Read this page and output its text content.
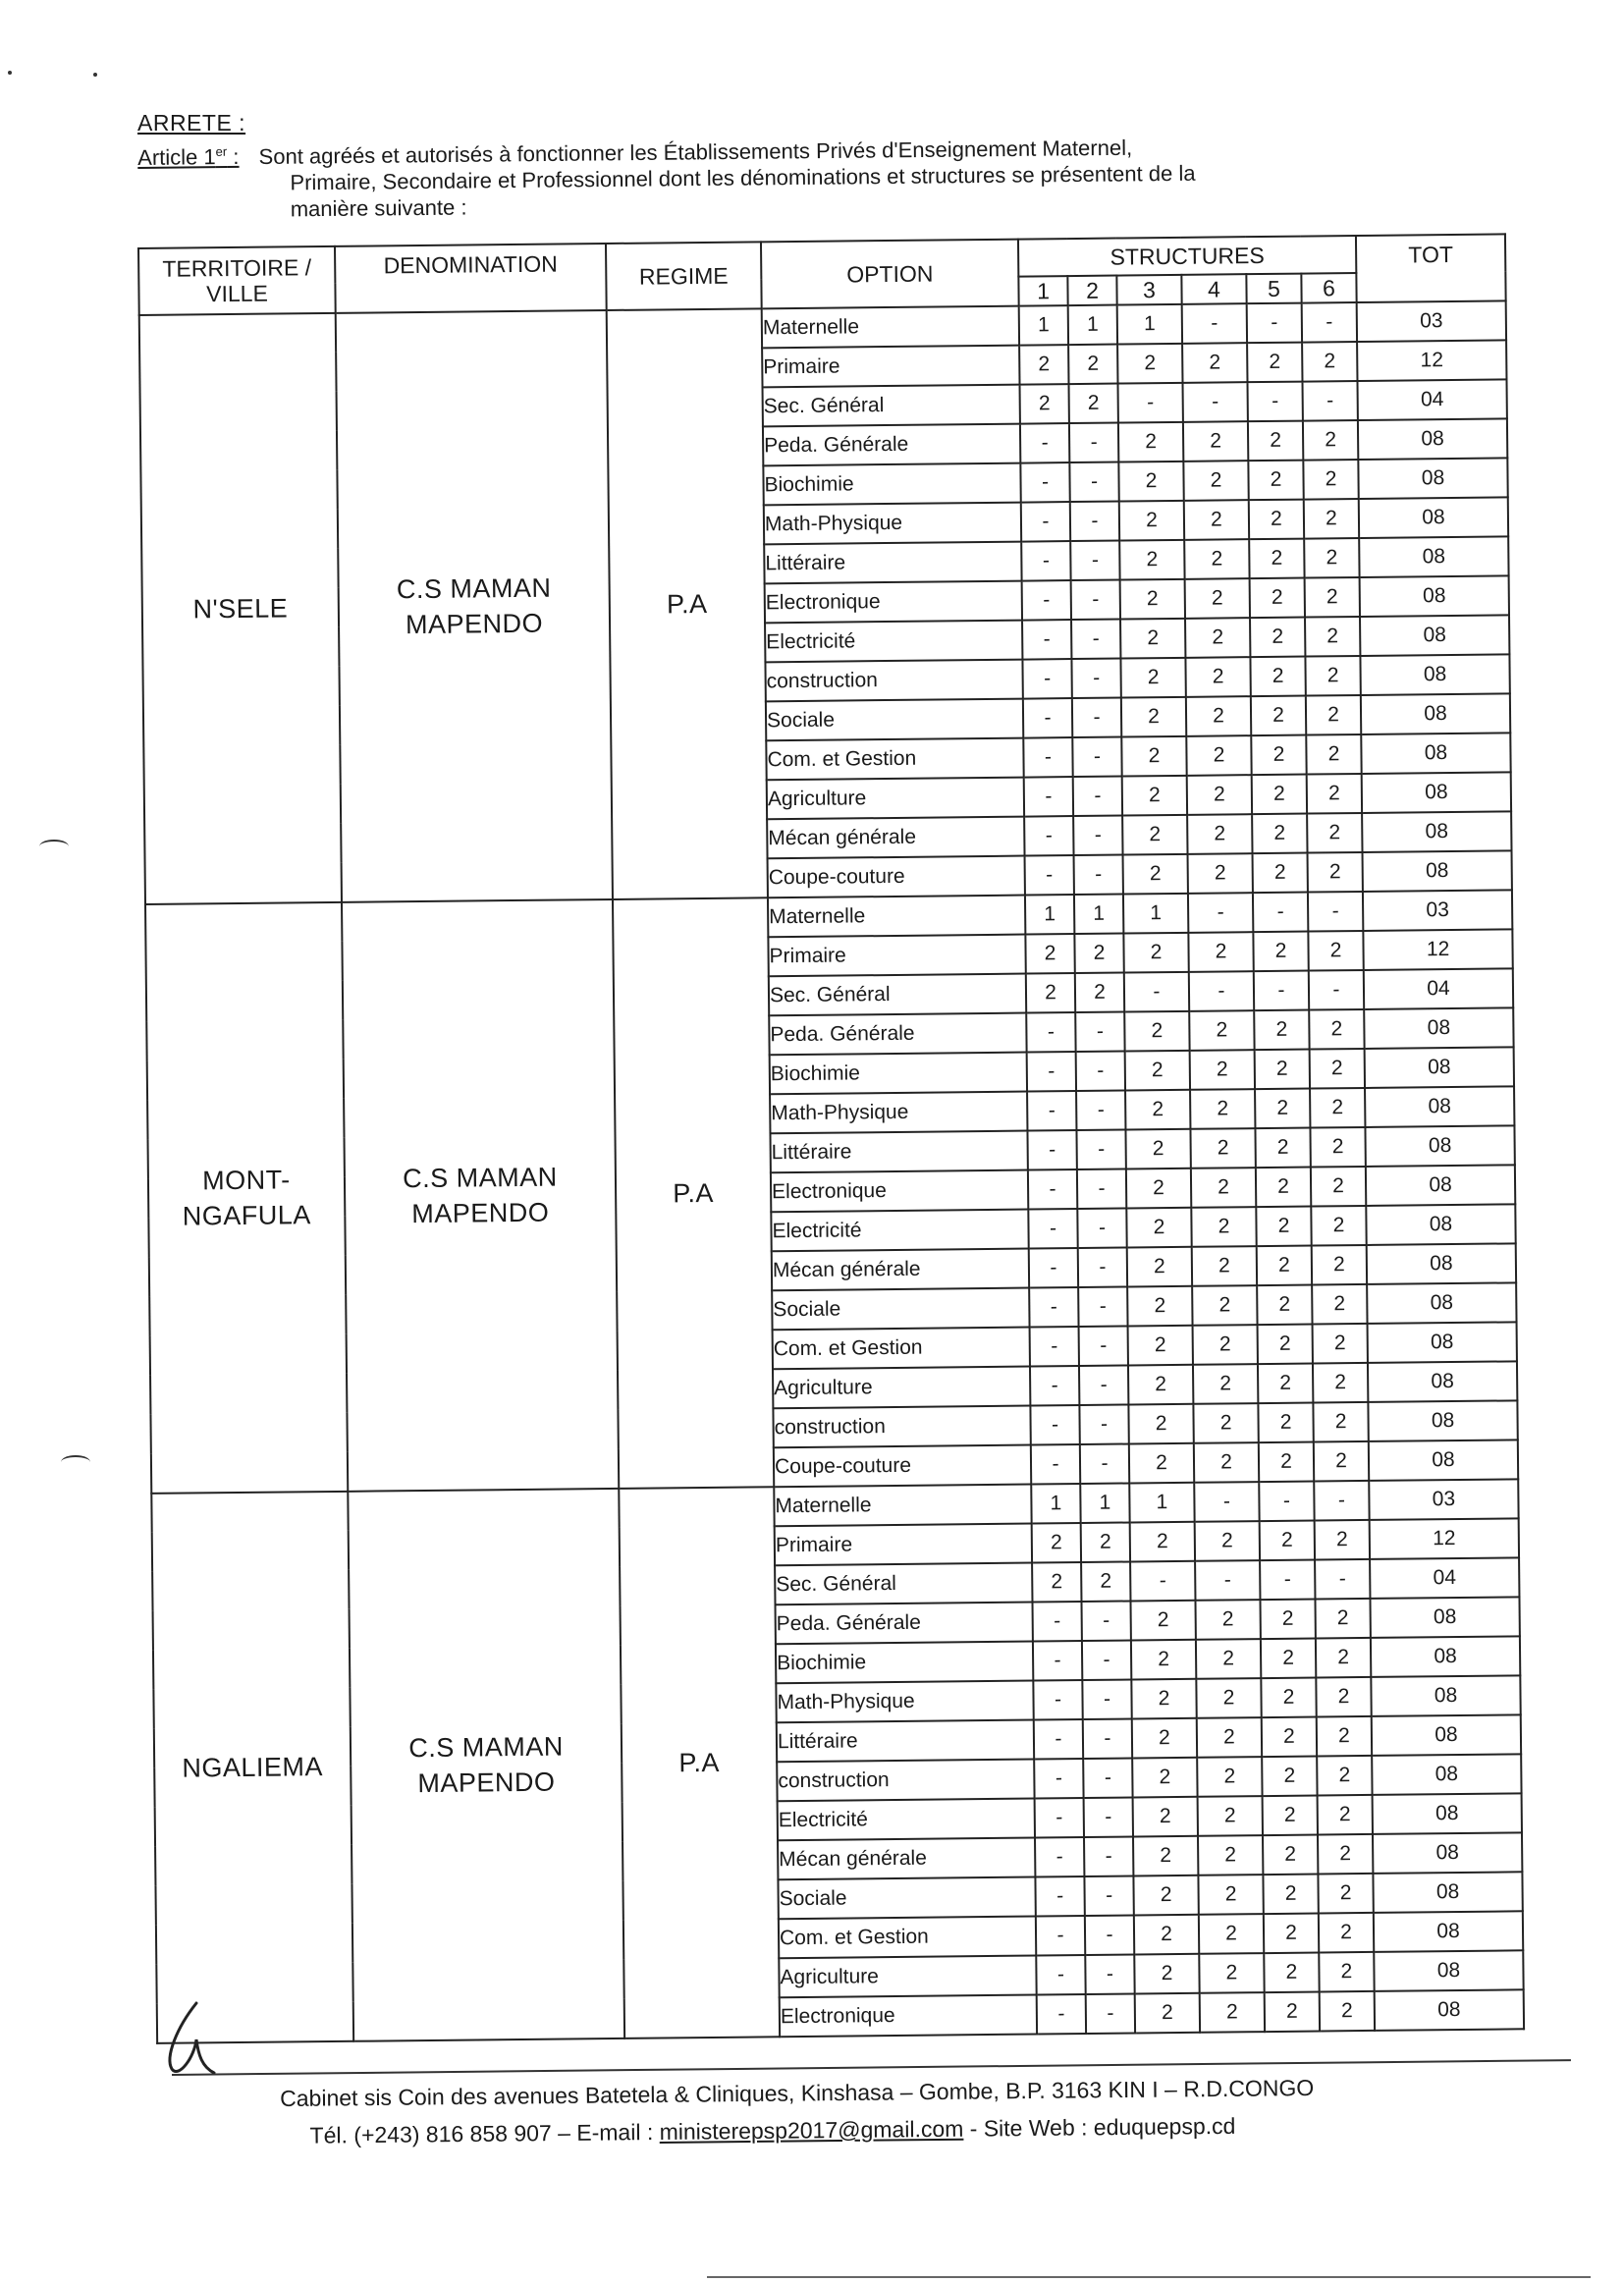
ARRETE :
Article 1er : Sont agréés et autorisés à fonctionner les Établissements Privés d'Enseignement Maternel,
Primaire, Secondaire et Professionnel dont les dénominations et structures se présentent de la
manière suivante :
TERRITOIRE / VILLE	DENOMINATION	REGIME	OPTION	STRUCTURES						TOT
				1	2	3	4	5	6	
N'SELE	C.S MAMAN MAPENDO	P.A	Maternelle	1	1	1	-	-	-	03
			Primaire	2	2	2	2	2	2	12
			Sec. Général	2	2	-	-	-	-	04
			Peda. Générale	-	-	2	2	2	2	08
			Biochimie	-	-	2	2	2	2	08
			Math-Physique	-	-	2	2	2	2	08
			Littéraire	-	-	2	2	2	2	08
			Electronique	-	-	2	2	2	2	08
			Electricité	-	-	2	2	2	2	08
			construction	-	-	2	2	2	2	08
			Sociale	-	-	2	2	2	2	08
			Com. et Gestion	-	-	2	2	2	2	08
			Agriculture	-	-	2	2	2	2	08
			Mécan générale	-	-	2	2	2	2	08
			Coupe-couture	-	-	2	2	2	2	08
MONT-NGAFULA	C.S MAMAN MAPENDO	P.A	Maternelle	1	1	1	-	-	-	03
			Primaire	2	2	2	2	2	2	12
			Sec. Général	2	2	-	-	-	-	04
			Peda. Générale	-	-	2	2	2	2	08
			Biochimie	-	-	2	2	2	2	08
			Math-Physique	-	-	2	2	2	2	08
			Littéraire	-	-	2	2	2	2	08
			Electronique	-	-	2	2	2	2	08
			Electricité	-	-	2	2	2	2	08
			Mécan générale	-	-	2	2	2	2	08
			Sociale	-	-	2	2	2	2	08
			Com. et Gestion	-	-	2	2	2	2	08
			Agriculture	-	-	2	2	2	2	08
			construction	-	-	2	2	2	2	08
			Coupe-couture	-	-	2	2	2	2	08
NGALIEMA	C.S MAMAN MAPENDO	P.A	Maternelle	1	1	1	-	-	-	03
			Primaire	2	2	2	2	2	2	12
			Sec. Général	2	2	-	-	-	-	04
			Peda. Générale	-	-	2	2	2	2	08
			Biochimie	-	-	2	2	2	2	08
			Math-Physique	-	-	2	2	2	2	08
			Littéraire	-	-	2	2	2	2	08
			construction	-	-	2	2	2	2	08
			Electricité	-	-	2	2	2	2	08
			Mécan générale	-	-	2	2	2	2	08
			Sociale	-	-	2	2	2	2	08
			Com. et Gestion	-	-	2	2	2	2	08
			Agriculture	-	-	2	2	2	2	08
			Electronique	-	-	2	2	2	2	08
Cabinet sis Coin des avenues Batetela & Cliniques, Kinshasa – Gombe, B.P. 3163 KIN I – R.D.CONGO
Tél. (+243) 816 858 907 – E-mail : ministerepsp2017@gmail.com - Site Web : eduquepsp.cd
